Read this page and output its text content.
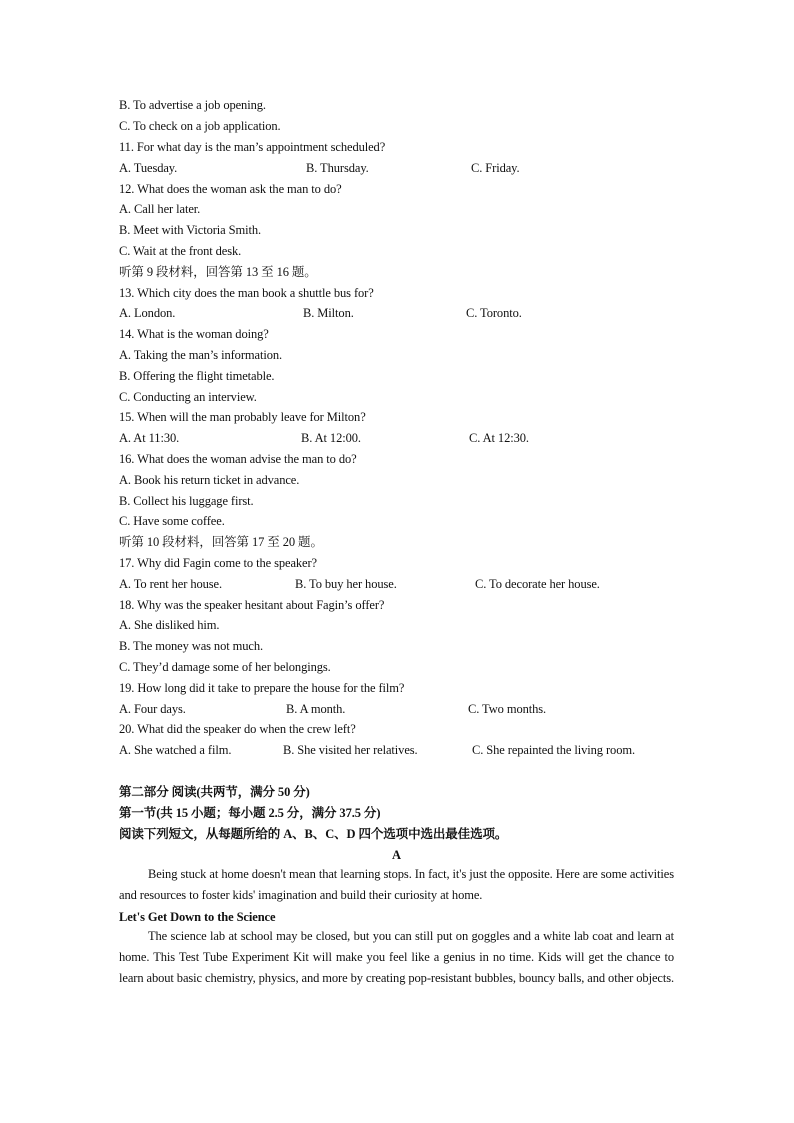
B. To advertise a job opening.
C. To check on a job application.
11. For what day is the man’s appointment scheduled?
A. Tuesday.	B. Thursday.	C. Friday.
12. What does the woman ask the man to do?
A. Call her later.
B. Meet with Victoria Smith.
C. Wait at the front desk.
听第 9 段材料，回答第 13 至 16 题。
13. Which city does the man book a shuttle bus for?
A. London.	B. Milton.	C. Toronto.
14. What is the woman doing?
A. Taking the man’s information.
B. Offering the flight timetable.
C. Conducting an interview.
15. When will the man probably leave for Milton?
A. At 11:30.	B. At 12:00.	C. At 12:30.
16. What does the woman advise the man to do?
A. Book his return ticket in advance.
B. Collect his luggage first.
C. Have some coffee.
听第 10 段材料，回答第 17 至 20 题。
17. Why did Fagin come to the speaker?
A. To rent her house.	B. To buy her house.	C. To decorate her house.
18. Why was the speaker hesitant about Fagin’s offer?
A. She disliked him.
B. The money was not much.
C. They’d damage some of her belongings.
19. How long did it take to prepare the house for the film?
A. Four days.	B. A month.	C. Two months.
20. What did the speaker do when the crew left?
A. She watched a film.	B. She visited her relatives.	C. She repainted the living room.
第二部分 阅读(共两节，满分 50 分)
第一节(共 15 小题；每小题 2.5 分，满分 37.5 分)
阅读下列短文，从每题所给的 A、B、C、D 四个选项中选出最佳选项。
A
Being stuck at home doesn't mean that learning stops. In fact, it's just the opposite. Here are some activities and resources to foster kids' imagination and build their curiosity at home.
Let's Get Down to the Science
The science lab at school may be closed, but you can still put on goggles and a white lab coat and learn at home. This Test Tube Experiment Kit will make you feel like a genius in no time. Kids will get the chance to learn about basic chemistry, physics, and more by creating pop-resistant bubbles, bouncy balls, and other objects.
